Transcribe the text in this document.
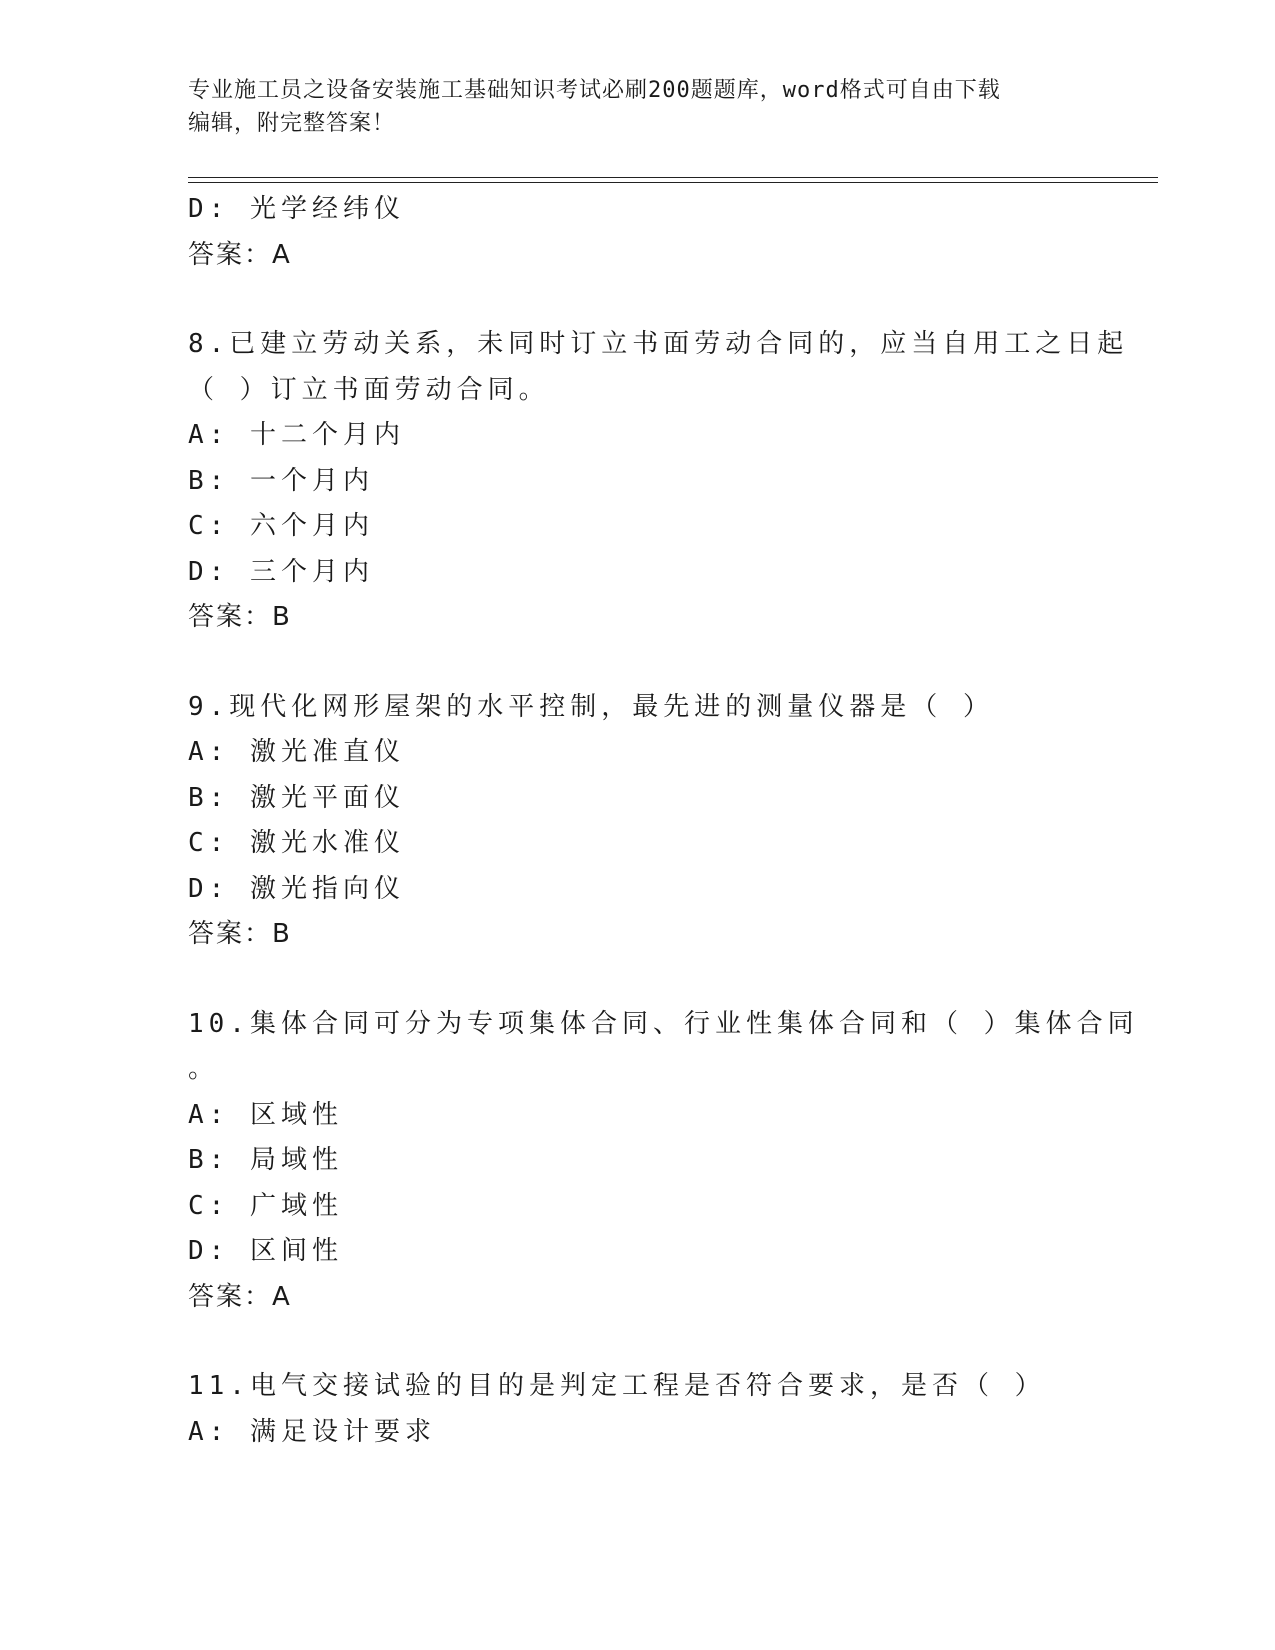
专业施工员之设备安装施工基础知识考试必刷200题题库，word格式可自由下载
编辑，附完整答案！
D: 光学经纬仪
答案：A
8.已建立劳动关系，未同时订立书面劳动合同的，应当自用工之日起
（ ）订立书面劳动合同。
A: 十二个月内
B: 一个月内
C: 六个月内
D: 三个月内
答案：B
9.现代化网形屋架的水平控制，最先进的测量仪器是（ ）
A: 激光准直仪
B: 激光平面仪
C: 激光水准仪
D: 激光指向仪
答案：B
10.集体合同可分为专项集体合同、行业性集体合同和（ ）集体合同
。
A: 区域性
B: 局域性
C: 广域性
D: 区间性
答案：A
11.电气交接试验的目的是判定工程是否符合要求，是否（ ）
A: 满足设计要求
